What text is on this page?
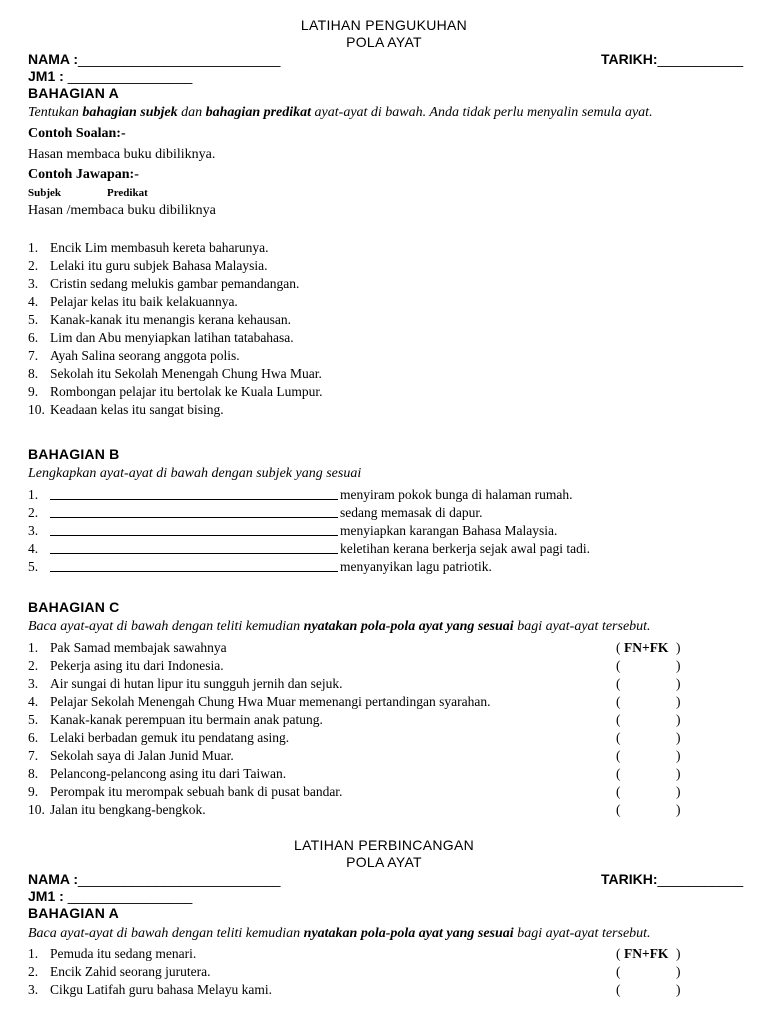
LATIHAN PENGUKUHAN
POLA AYAT
NAMA :__________________________	TARIKH:___________
JM1 : ________________
BAHAGIAN A
Tentukan bahagian subjek dan bahagian predikat ayat-ayat di bawah. Anda tidak perlu menyalin semula ayat.
Contoh Soalan:-
Hasan membaca buku dibiliknya.
Contoh Jawapan:-
Subjek	Predikat
Hasan /membaca buku dibiliknya
1. Encik Lim membasuh kereta baharunya.
2. Lelaki itu guru subjek Bahasa Malaysia.
3. Cristin sedang melukis gambar pemandangan.
4. Pelajar kelas itu baik kelakuannya.
5. Kanak-kanak itu menangis kerana kehausan.
6. Lim dan Abu menyiapkan latihan tatabahasa.
7. Ayah Salina seorang anggota polis.
8. Sekolah itu Sekolah Menengah Chung Hwa Muar.
9. Rombongan pelajar itu bertolak ke Kuala Lumpur.
10. Keadaan kelas itu sangat bising.
BAHAGIAN B
Lengkapkan ayat-ayat di bawah dengan subjek yang sesuai
1.	menyiram pokok bunga di halaman rumah.
2.	sedang memasak di dapur.
3.	menyiapkan karangan Bahasa Malaysia.
4.	keletihan kerana berkerja sejak awal pagi tadi.
5.	menyanyikan lagu patriotik.
BAHAGIAN C
Baca ayat-ayat di bawah dengan teliti kemudian nyatakan pola-pola ayat yang sesuai bagi ayat-ayat tersebut.
1. Pak Samad membajak sawahnya	( FN+FK )
2. Pekerja asing itu dari Indonesia.	(	)
3. Air sungai di hutan lipur itu sungguh jernih dan sejuk.	(	)
4. Pelajar Sekolah Menengah Chung Hwa Muar memenangi pertandingan syarahan.	(	)
5. Kanak-kanak perempuan itu bermain anak patung.	(	)
6. Lelaki berbadan gemuk itu pendatang asing.	(	)
7. Sekolah saya di Jalan Junid Muar.	(	)
8. Pelancong-pelancong asing itu dari Taiwan.	(	)
9. Perompak itu merompak sebuah bank di pusat bandar.	(	)
10. Jalan itu bengkang-bengkok.	(	)
LATIHAN PERBINCANGAN
POLA AYAT
NAMA :__________________________	TARIKH:___________
JM1 : ________________
BAHAGIAN A
Baca ayat-ayat di bawah dengan teliti kemudian nyatakan pola-pola ayat yang sesuai bagi ayat-ayat tersebut.
1. Pemuda itu sedang menari.	( FN+FK )
2. Encik Zahid seorang jurutera.	(	)
3. Cikgu Latifah guru bahasa Melayu kami.	(	)
